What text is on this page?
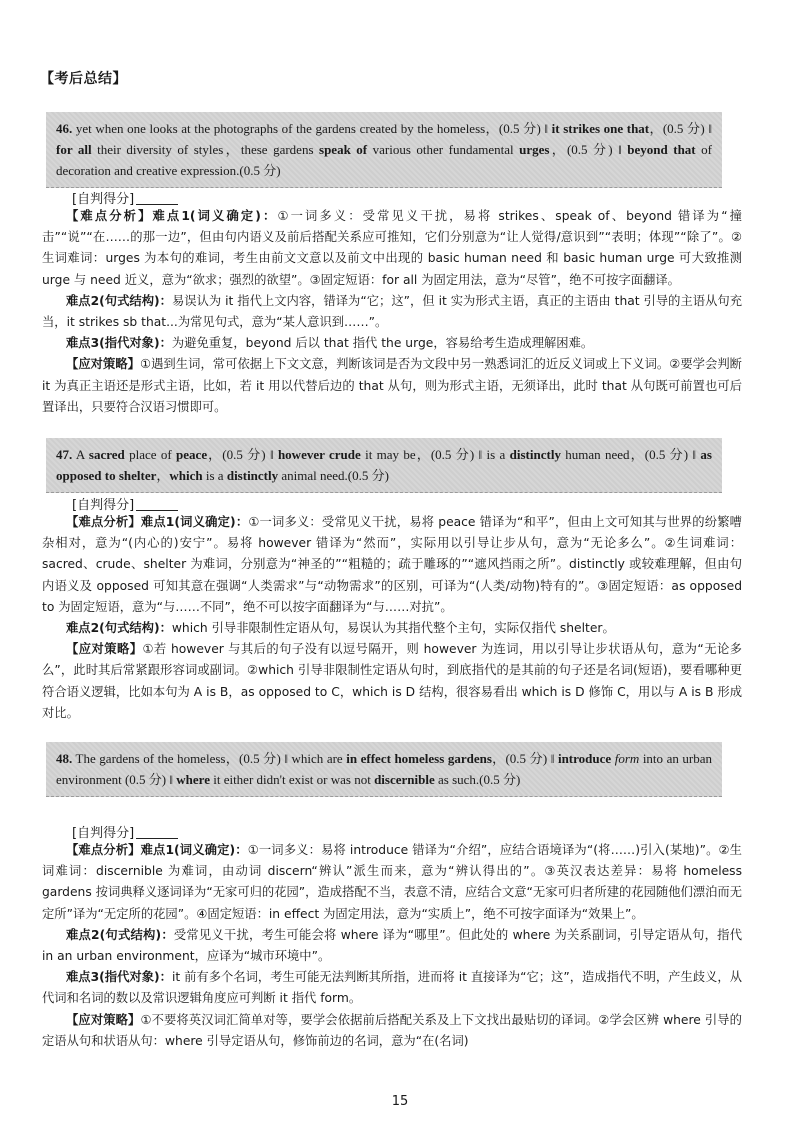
【考后总结】
46. yet when one looks at the photographs of the gardens created by the homeless，(0.5 分) ‖ it strikes one that，(0.5 分) ‖ for all their diversity of styles，these gardens speak of various other fundamental urges，(0.5 分) ‖ beyond that of decoration and creative expression.(0.5 分)
[自判得分]

【难点分析】难点1(词义确定)：①一词多义：受常见义干扰，易将 strikes、speak of、beyond 错译为“撞击”“说”“在……的那一边”，但由句内语义及前后搭配关系应可推知，它们分别意为“让人觉得/意识到”“表明；体现”“除了”。②生词难词：urges 为本句的难词，考生由前文文意以及前文中出现的 basic human need 和 basic human urge 可大致推测 urge 与 need 近义，意为“欲求；强烈的欲望”。③固定短语：for all 为固定用法，意为“尽管”，绝不可按字面翻译。

难点2(句式结构)：易误认为 it 指代上文内容，错译为“它；这”，但 it 实为形式主语，真正的主语由 that 引导的主语从句充当，it strikes sb that...为常见句式，意为“某人意识到……”。

难点3(指代对象)：为避免重复，beyond 后以 that 指代 the urge，容易给考生造成理解困难。

【应对策略】①遇到生词，常可依据上下文文意，判断该词是否为文段中另一熟悉词汇的近反义词或上下义词。②要学会判断 it 为真正主语还是形式主语，比如，若 it 用以代替后边的 that 从句，则为形式主语，无须译出，此时 that 从句既可前置也可后置译出，只要符合汉语习惯即可。

47. A sacred place of peace，(0.5 分) ‖ however crude it may be，(0.5 分) ‖ is a distinctly human need，(0.5 分) ‖ as opposed to shelter，which is a distinctly animal need.(0.5 分)
[自判得分]

【难点分析】难点1(词义确定)：①一词多义：受常见义干扰，易将 peace 错译为“和平”，但由上文可知其与世界的纷繁嘈杂相对，意为“(内心的)安宁”。易将 however 错译为“然而”，实际用以引导让步从句，意为“无论多么”。②生词难词：sacred、crude、shelter 为难词，分别意为“神圣的”“粗糙的；疏于雕琢的”“遮风挡雨之所”。distinctly 或较难理解，但由句内语义及 opposed 可知其意在强调“人类需求”与“动物需求”的区别，可译为“(人类/动物)特有的”。③固定短语：as opposed to 为固定短语，意为“与……不同”，绝不可以按字面翻译为“与……对抗”。

难点2(句式结构)：which 引导非限制性定语从句，易误认为其指代整个主句，实际仅指代 shelter。

【应对策略】①若 however 与其后的句子没有以逗号隔开，则 however 为连词，用以引导让步状语从句，意为“无论多么”，此时其后常紧跟形容词或副词。②which 引导非限制性定语从句时，到底指代的是其前的句子还是名词(短语)，要看哪种更符合语义逻辑，比如本句为 A is B，as opposed to C，which is D 结构，很容易看出 which is D 修饰 C，用以与 A is B 形成对比。

48. The gardens of the homeless，(0.5 分) ‖ which are in effect homeless gardens，(0.5 分) ‖ introduce form into an urban environment (0.5 分) ‖ where it either didn't exist or was not discernible as such.(0.5 分)
[自判得分]

【难点分析】难点1(词义确定)：①一词多义：易将 introduce 错译为“介绍”，应结合语境译为“(将……)引入(某地)”。②生词难词：discernible 为难词，由动词 discern“辨认”派生而来，意为“辨认得出的”。③英汉表达差异：易将 homeless gardens 按词典释义逐词译为“无家可归的花园”，造成搭配不当，表意不清，应结合文意“无家可归者所建的花园随他们漂泊而无定所”译为“无定所的花园”。④固定短语：in effect 为固定用法，意为“实质上”，绝不可按字面译为“效果上”。

难点2(句式结构)：受常见义干扰，考生可能会将 where 译为“哪里”。但此处的 where 为关系副词，引导定语从句，指代 in an urban environment，应译为“城市环境中”。

难点3(指代对象)：it 前有多个名词，考生可能无法判断其所指，进而将 it 直接译为“它；这”，造成指代不明，产生歧义，从代词和名词的数以及常识逻辑角度应可判断 it 指代 form。

【应对策略】①不要将英汉词汇简单对等，要学会依据前后搭配关系及上下文找出最贴切的译词。②学会区辨 where 引导的定语从句和状语从句：where 引导定语从句，修饰前边的名词，意为“在(名词)

15
